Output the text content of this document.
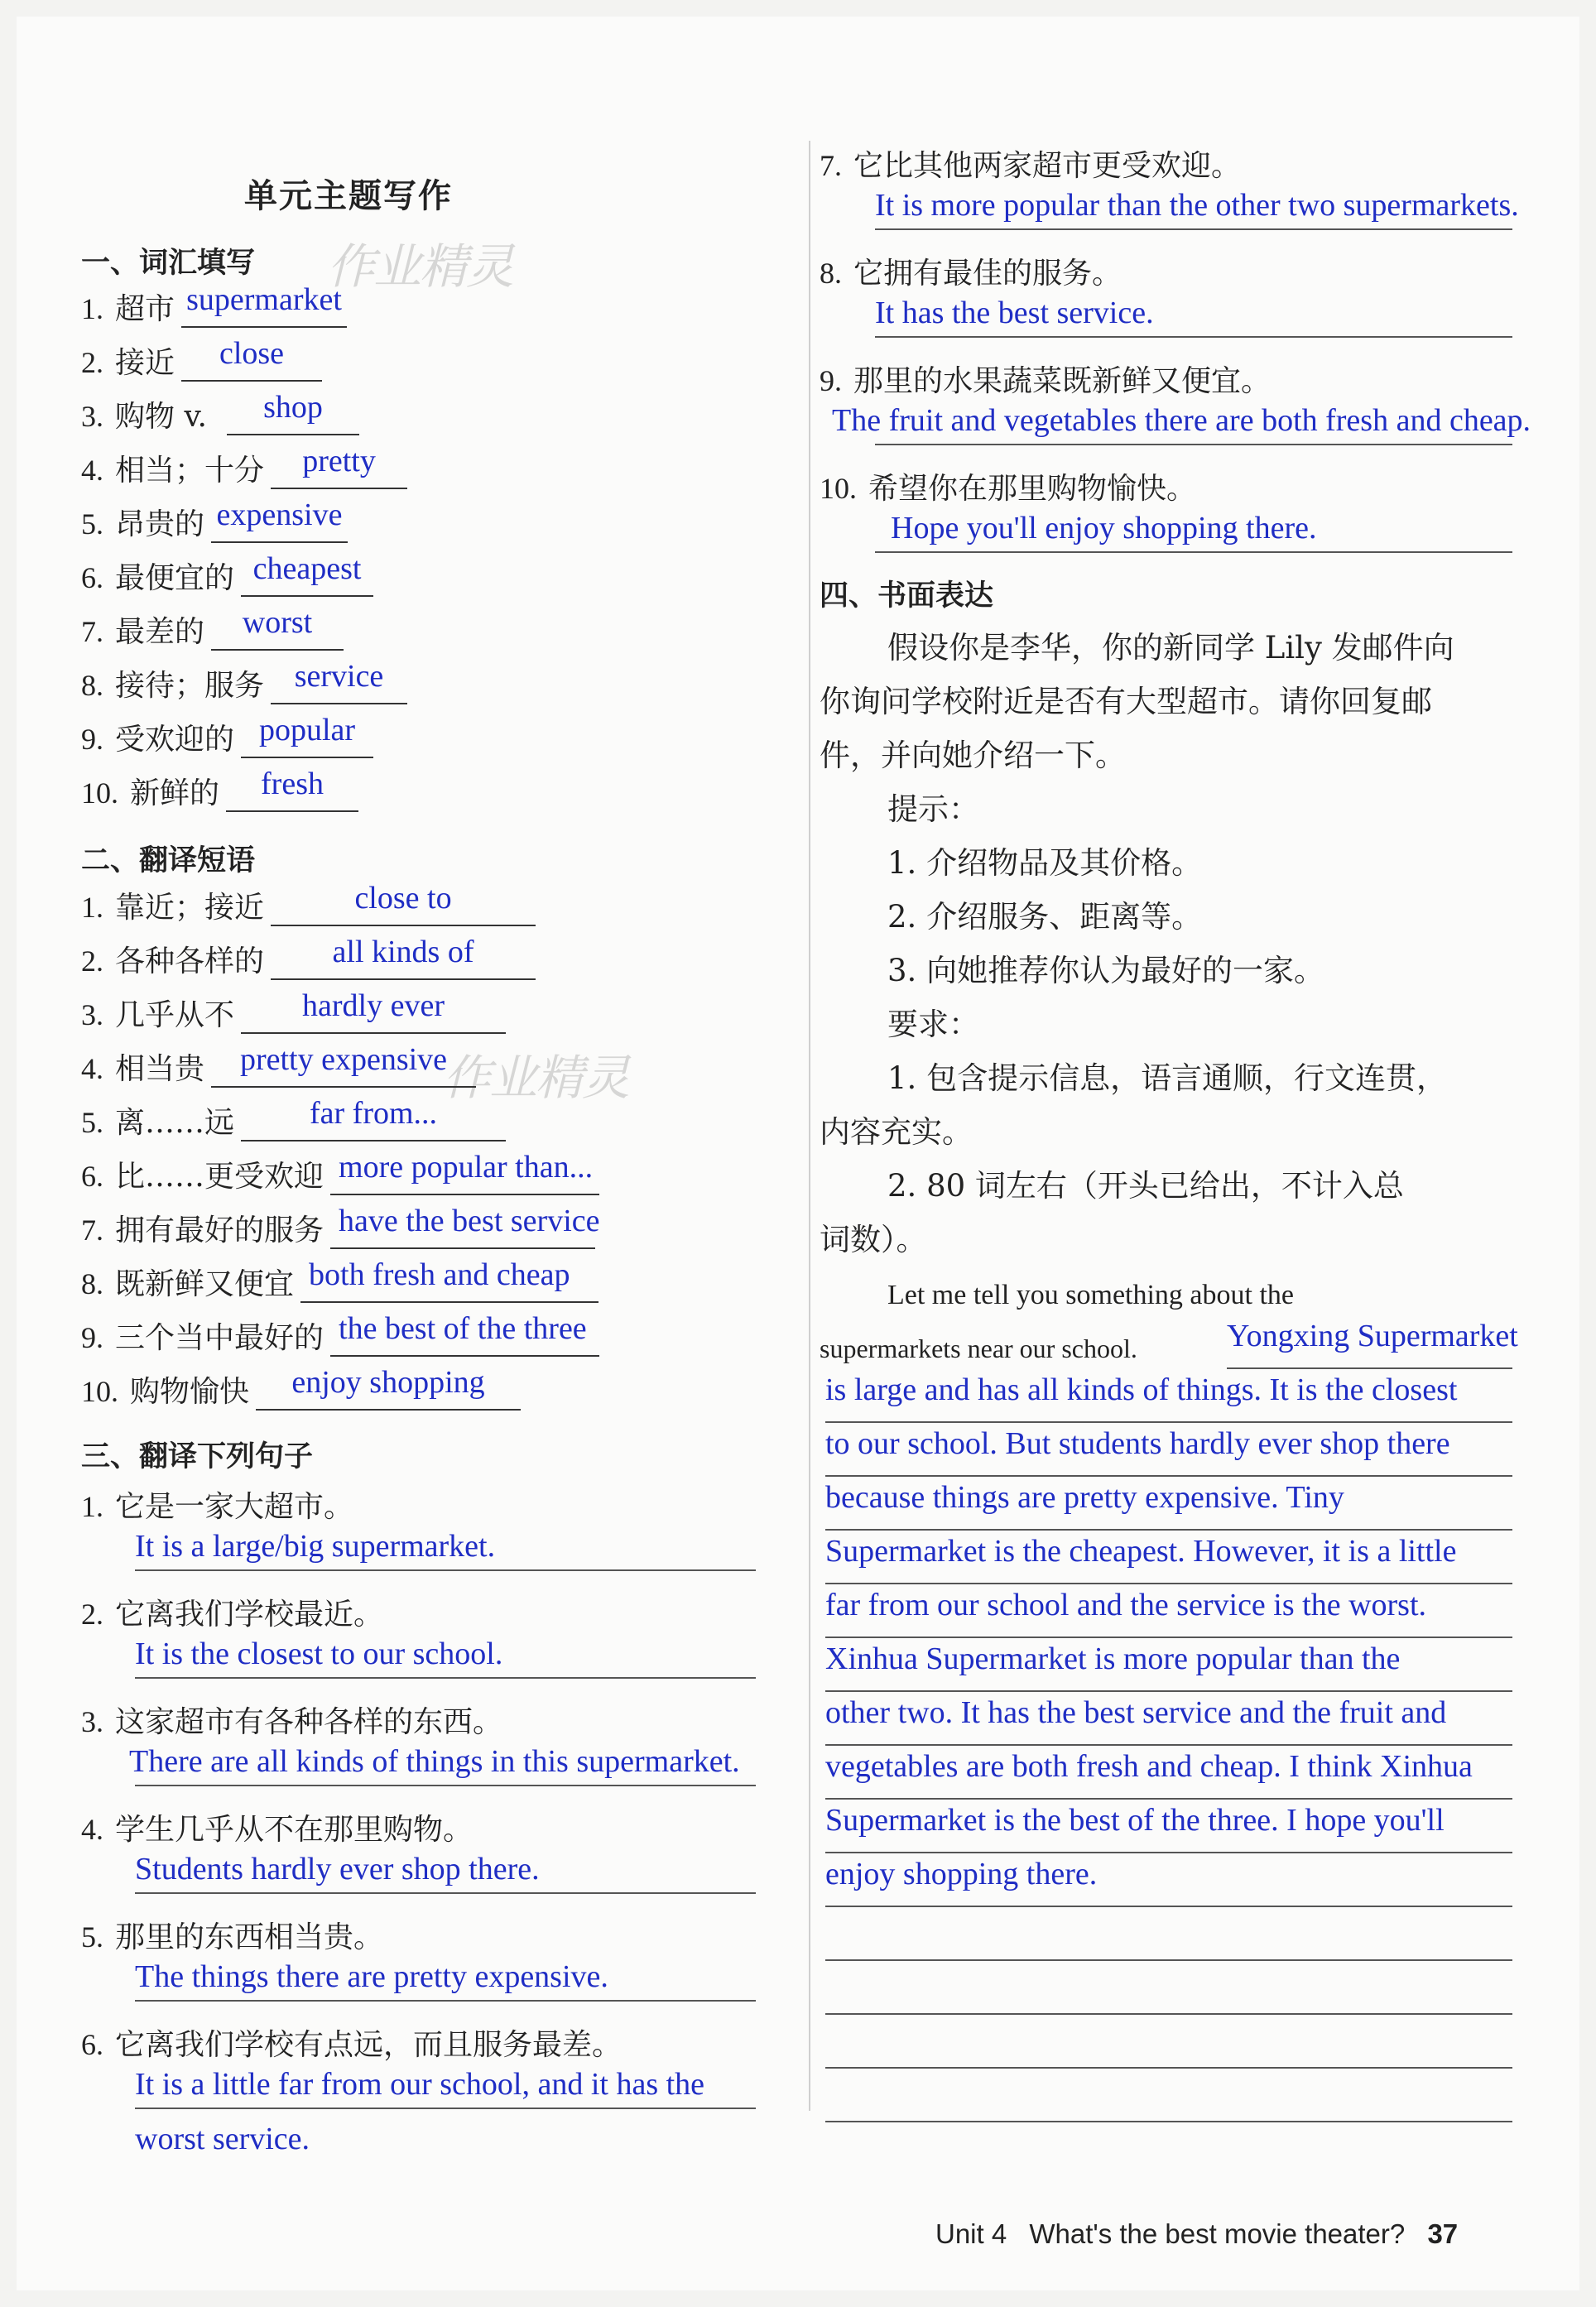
单元主题写作
作业精灵
作业精灵
一、词汇填写
1. 超市 supermarket
2. 接近	close
3. 购物 v.	shop
4. 相当；十分	pretty
5. 昂贵的 expensive
6. 最便宜的 cheapest
7. 最差的	worst
8. 接待；服务 service
9. 受欢迎的 popular
10. 新鲜的	fresh
二、翻译短语
1. 靠近；接近	close to
2. 各种各样的	all kinds of
3. 几乎从不	hardly ever
4. 相当贵	pretty expensive
5. 离……远	far from...
6. 比……更受欢迎 more popular than...
7. 拥有最好的服务 have the best service
8. 既新鲜又便宜 both fresh and cheap
9. 三个当中最好的 the best of the three
10. 购物愉快	enjoy shopping
三、翻译下列句子
1. 它是一家大超市。
It is a large/big supermarket.
2. 它离我们学校最近。
It is the closest to our school.
3. 这家超市有各种各样的东西。
There are all kinds of things in this supermarket.
4. 学生几乎从不在那里购物。
Students hardly ever shop there.
5. 那里的东西相当贵。
The things there are pretty expensive.
6. 它离我们学校有点远，而且服务最差。
It is a little far from our school, and it has the
worst service.
7. 它比其他两家超市更受欢迎。
It is more popular than the other two supermarkets.
8. 它拥有最佳的服务。
It has the best service.
9. 那里的水果蔬菜既新鲜又便宜。
The fruit and vegetables there are both fresh and cheap.
10. 希望你在那里购物愉快。
Hope you'll enjoy shopping there.
四、书面表达
假设你是李华，你的新同学 Lily 发邮件向
你询问学校附近是否有大型超市。请你回复邮
件，并向她介绍一下。
提示：
1. 介绍物品及其价格。
2. 介绍服务、距离等。
3. 向她推荐你认为最好的一家。
要求：
1. 包含提示信息，语言通顺，行文连贯，
内容充实。
2. 80 词左右（开头已给出，不计入总
词数）。
Let me tell you something about the
supermarkets near our school.	Yongxing Supermarket
is large and has all kinds of things. It is the closest
to our school. But students hardly ever shop there
because things are pretty expensive. Tiny
Supermarket is the cheapest. However, it is a little
far from our school and the service is the worst.
Xinhua Supermarket is more popular than the
other two. It has the best service and the fruit and
vegetables are both fresh and cheap. I think Xinhua
Supermarket is the best of the three. I hope you'll
enjoy shopping there.
Unit 4 What's the best movie theater? 37
